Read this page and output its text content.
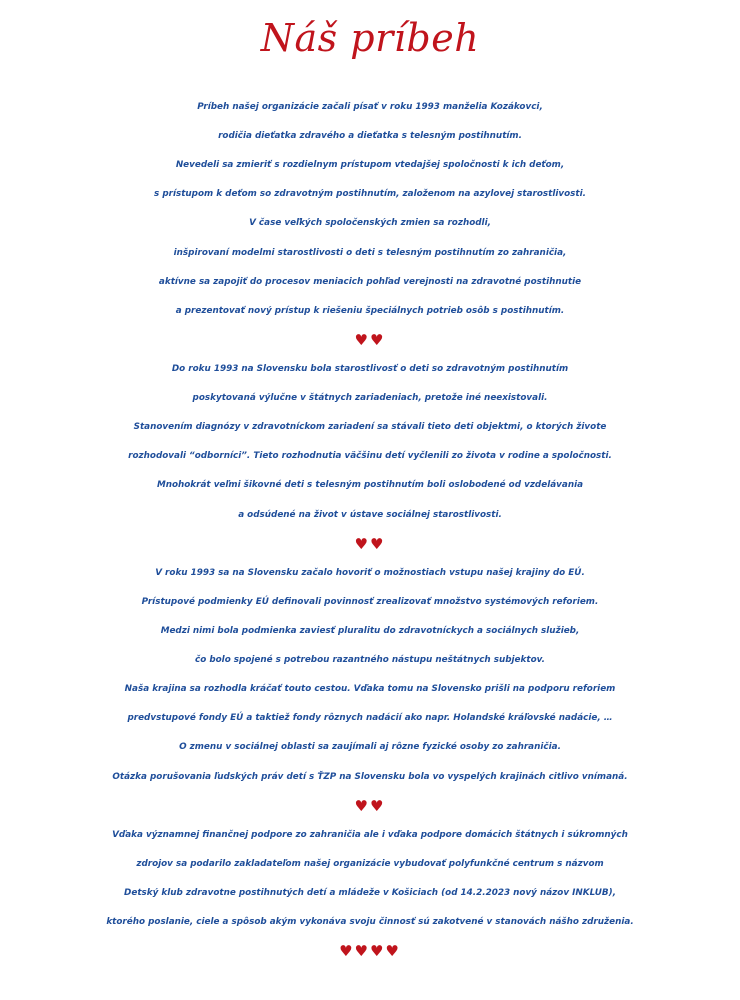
Náš príbeh
Príbeh našej organizácie začali písať v roku 1993 manželia Kozákovci,
rodičia dieťatka zdravého a dieťatka s telesným postihnutím.
Nevedeli sa zmieriť s rozdielnym prístupom vtedajšej spoločnosti k ich deťom,
s prístupom k deťom so zdravotným postihnutím, založenom na azylovej starostlivosti.
V čase veľkých spoločenských zmien sa rozhodli,
inšpirovaní modelmi starostlivosti o deti s telesným postihnutím zo zahraničia,
aktívne sa zapojiť do procesov meniacich pohľad verejnosti na zdravotné postihnutie
a prezentovať nový prístup k riešeniu špeciálnych potrieb osôb s postihnutím.
♥♥
Do roku 1993 na Slovensku bola starostlivosť o deti so zdravotným postihnutím
poskytovaná výlučne v štátnych zariadeniach, pretože iné neexistovali.
Stanovením diagnózy v zdravotníckom zariadení sa stávali tieto deti objektmi, o ktorých živote
rozhodovali “odborníci”. Tieto rozhodnutia väčšinu detí vyčlenili zo života v rodine a spoločnosti.
Mnohokrát veľmi šikovné deti s telesným postihnutím boli oslobodené od vzdelávania
a odsúdené na život v ústave sociálnej starostlivosti.
♥♥
V roku 1993 sa na Slovensku začalo hovoriť o možnostiach vstupu našej krajiny do EÚ.
Prístupové podmienky EÚ definovali povinnosť zrealizovať množstvo systémových reforiem.
Medzi nimi bola podmienka zaviesť pluralitu do zdravotníckych a sociálnych služieb,
čo bolo spojené s potrebou razantného nástupu neštátnych subjektov.
Naša krajina sa rozhodla kráčať touto cestou. Vďaka tomu na Slovensko prišli na podporu reforiem
predvstupové fondy EÚ a taktiež fondy rôznych nadácií ako napr. Holandské kráľovské nadácie, …
O zmenu v sociálnej oblasti sa zaujímali aj rôzne fyzické osoby zo zahraničia.
Otázka porušovania ľudských práv detí s ŤZP na Slovensku bola vo vyspelých krajinách citlivo vnímaná.
♥♥
Vďaka významnej finančnej podpore zo zahraničia ale i vďaka podpore domácich štátnych i súkromných
zdrojov sa podarilo zakladateľom našej organizácie vybudovať polyfunkčné centrum s názvom
Detský klub zdravotne postihnutých detí a mládeže v Košiciach (od 14.2.2023 nový názov INKLUB),
ktorého poslanie, ciele a spôsob akým vykonáva svoju činnosť sú zakotvené v stanovách nášho združenia.
♥♥♥♥
